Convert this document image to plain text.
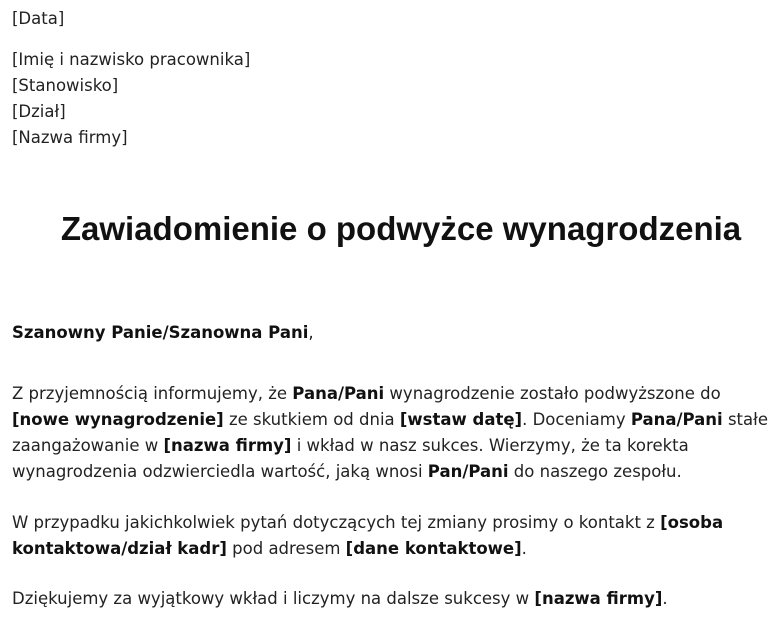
[Data]
[Imię i nazwisko pracownika]
[Stanowisko]
[Dział]
[Nazwa firmy]
Zawiadomienie o podwyżce wynagrodzenia

Szanowny Panie/Szanowna Pani,

Z przyjemnością informujemy, że Pana/Pani wynagrodzenie zostało podwyższone do
[nowe wynagrodzenie] ze skutkiem od dnia [wstaw datę]. Doceniamy Pana/Pani stałe
zaangażowanie w [nazwa firmy] i wkład w nasz sukces. Wierzymy, że ta korekta
wynagrodzenia odzwierciedla wartość, jaką wnosi Pan/Pani do naszego zespołu.

W przypadku jakichkolwiek pytań dotyczących tej zmiany prosimy o kontakt z [osoba
kontaktowa/dział kadr] pod adresem [dane kontaktowe].

Dziękujemy za wyjątkowy wkład i liczymy na dalsze sukcesy w [nazwa firmy].
